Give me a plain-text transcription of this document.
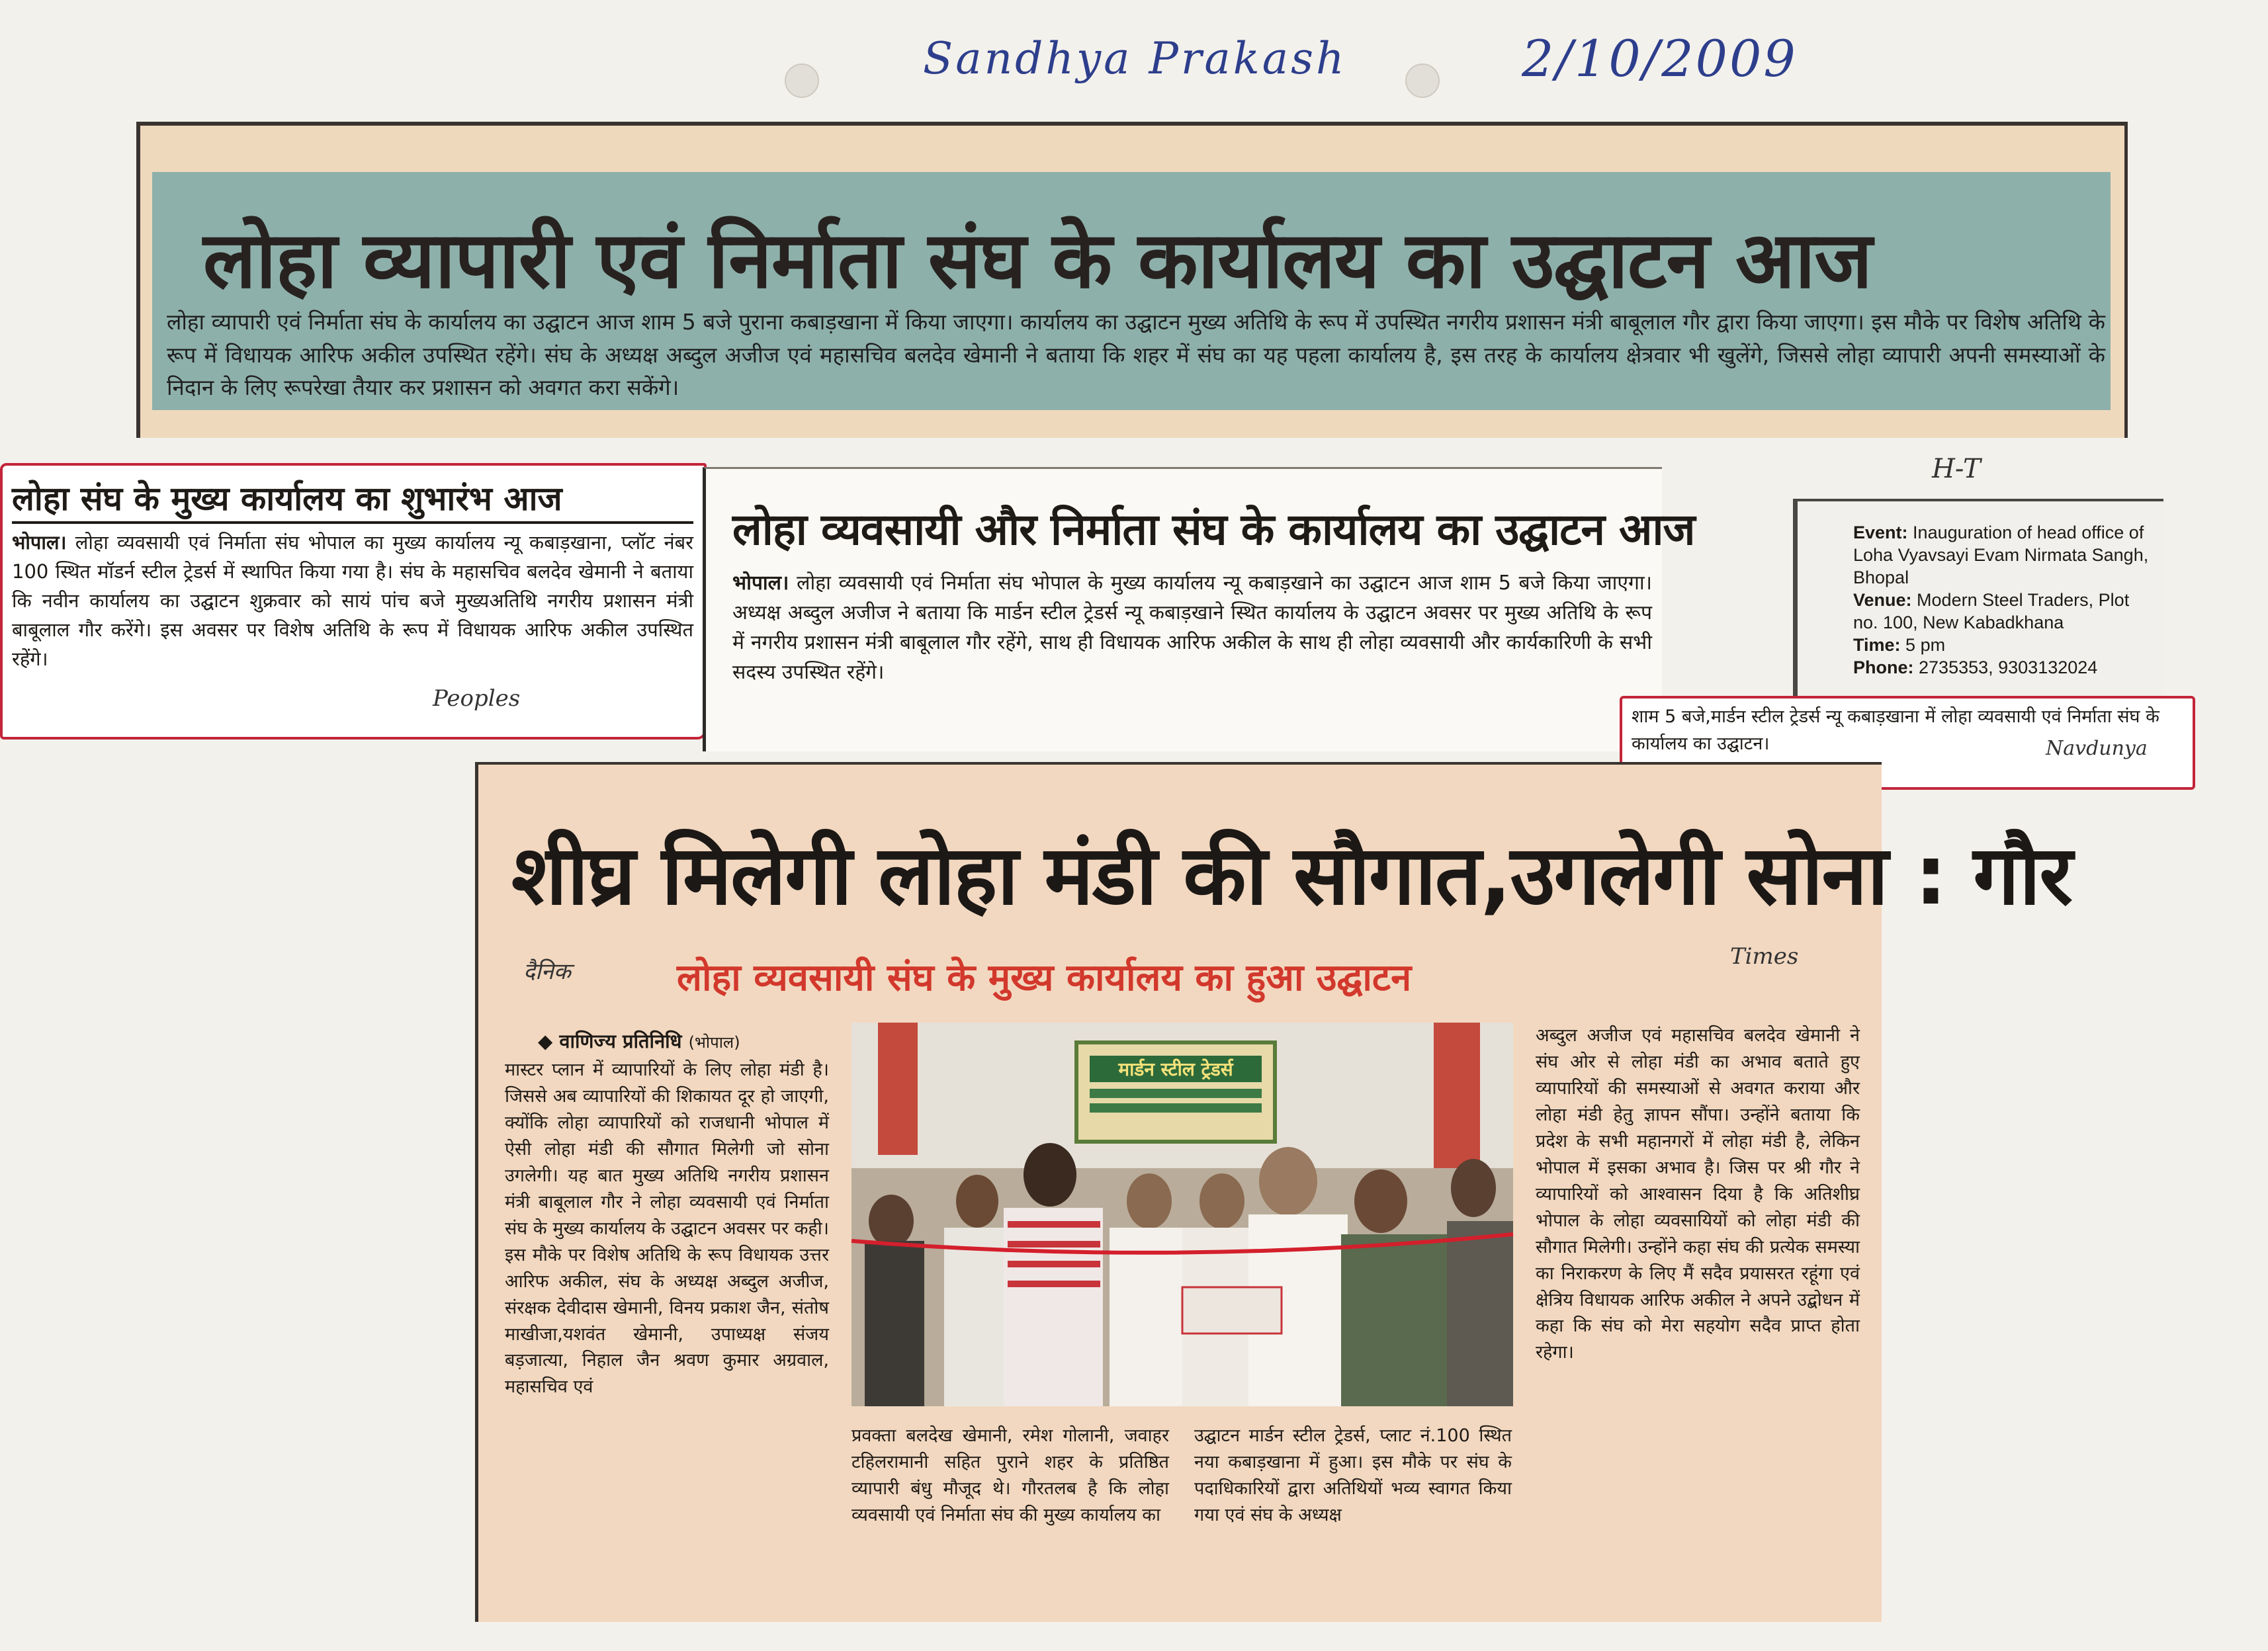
Sandhya Prakash	2/10/2009
H-T
लोहा व्यापारी एवं निर्माता संघ के कार्यालय का उद्घाटन आज
लोहा व्यापारी एवं निर्माता संघ के कार्यालय का उद्घाटन आज शाम 5 बजे पुराना कबाड़खाना में किया जाएगा। कार्यालय का उद्घाटन मुख्य अतिथि के रूप में उपस्थित नगरीय प्रशासन मंत्री बाबूलाल गौर द्वारा किया जाएगा। इस मौके पर विशेष अतिथि के रूप में विधायक आरिफ अकील उपस्थित रहेंगे। संघ के अध्यक्ष अब्दुल अजीज एवं महासचिव बलदेव खेमानी ने बताया कि शहर में संघ का यह पहला कार्यालय है, इस तरह के कार्यालय क्षेत्रवार भी खुलेंगे, जिससे लोहा व्यापारी अपनी समस्याओं के निदान के लिए रूपरेखा तैयार कर प्रशासन को अवगत करा सकेंगे।
लोहा संघ के मुख्य कार्यालय का शुभारंभ आज
भोपाल। लोहा व्यवसायी एवं निर्माता संघ भोपाल का मुख्य कार्यालय न्यू कबाड़खाना, प्लॉट नंबर 100 स्थित मॉडर्न स्टील ट्रेडर्स में स्थापित किया गया है। संघ के महासचिव बलदेव खेमानी ने बताया कि नवीन कार्यालय का उद्घाटन शुक्रवार को सायं पांच बजे मुख्यअतिथि नगरीय प्रशासन मंत्री बाबूलाल गौर करेंगे। इस अवसर पर विशेष अतिथि के रूप में विधायक आरिफ अकील उपस्थित रहेंगे।
Peoples
लोहा व्यवसायी और निर्माता संघ के कार्यालय का उद्घाटन आज
भोपाल। लोहा व्यवसायी एवं निर्माता संघ भोपाल के मुख्य कार्यालय न्यू कबाड़खाने का उद्घाटन आज शाम 5 बजे किया जाएगा। अध्यक्ष अब्दुल अजीज ने बताया कि मार्डन स्टील ट्रेडर्स न्यू कबाड़खाने स्थित कार्यालय के उद्घाटन अवसर पर मुख्य अतिथि के रूप में नगरीय प्रशासन मंत्री बाबूलाल गौर रहेंगे, साथ ही विधायक आरिफ अकील के साथ ही लोहा व्यवसायी और कार्यकारिणी के सभी सदस्य उपस्थित रहेंगे।
Event: Inauguration of head office of Loha Vyavsayi Evam Nirmata Sangh, Bhopal
Venue: Modern Steel Traders, Plot no. 100, New Kabadkhana
Time: 5 pm
Phone: 2735353, 9303132024
शाम 5 बजे,मार्डन स्टील ट्रेडर्स न्यू कबाड़खाना में लोहा व्यवसायी एवं निर्माता संघ के कार्यालय का उद्घाटन।	Navdunya
शीघ्र मिलेगी लोहा मंडी की सौगात,उगलेगी सोना : गौर
दैनिक
Times
लोहा व्यवसायी संघ के मुख्य कार्यालय का हुआ उद्घाटन
◆ वाणिज्य प्रतिनिधि (भोपाल)
मास्टर प्लान में व्यापारियों के लिए लोहा मंडी है। जिससे अब व्यापारियों की शिकायत दूर हो जाएगी, क्योंकि लोहा व्यापारियों को राजधानी भोपाल में ऐसी लोहा मंडी की सौगात मिलेगी जो सोना उगलेगी। यह बात मुख्य अतिथि नगरीय प्रशासन मंत्री बाबूलाल गौर ने लोहा व्यवसायी एवं निर्माता संघ के मुख्य कार्यालय के उद्घाटन अवसर पर कही। इस मौके पर विशेष अतिथि के रूप विधायक उत्तर आरिफ अकील, संघ के अध्यक्ष अब्दुल अजीज, संरक्षक देवीदास खेमानी, विनय प्रकाश जैन, संतोष माखीजा,यशवंत खेमानी, उपाध्यक्ष संजय बड़जात्या, निहाल जैन श्रवण कुमार अग्रवाल, महासचिव एवं
मार्डन स्टील ट्रेडर्स
प्रवक्ता बलदेख खेमानी, रमेश गोलानी, जवाहर टहिलरामानी सहित पुराने शहर के प्रतिष्ठित व्यापारी बंधु मौजूद थे। गौरतलब है कि लोहा व्यवसायी एवं निर्माता संघ की मुख्य कार्यालय का
उद्घाटन मार्डन स्टील ट्रेडर्स, प्लाट नं.100 स्थित नया कबाड़खाना में हुआ। इस मौके पर संघ के पदाधिकारियों द्वारा अतिथियों भव्य स्वागत किया गया एवं संघ के अध्यक्ष
अब्दुल अजीज एवं महासचिव बलदेव खेमानी ने संघ ओर से लोहा मंडी का अभाव बताते हुए व्यापारियों की समस्याओं से अवगत कराया और लोहा मंडी हेतु ज्ञापन सौंपा। उन्होंने बताया कि प्रदेश के सभी महानगरों में लोहा मंडी है, लेकिन भोपाल में इसका अभाव है। जिस पर श्री गौर ने व्यापारियों को आश्वासन दिया है कि अतिशीघ्र भोपाल के लोहा व्यवसायियों को लोहा मंडी की सौगात मिलेगी। उन्होंने कहा संघ की प्रत्येक समस्या का निराकरण के लिए मैं सदैव प्रयासरत रहूंगा एवं क्षेत्रिय विधायक आरिफ अकील ने अपने उद्बोधन में कहा कि संघ को मेरा सहयोग सदैव प्राप्त होता रहेगा।
